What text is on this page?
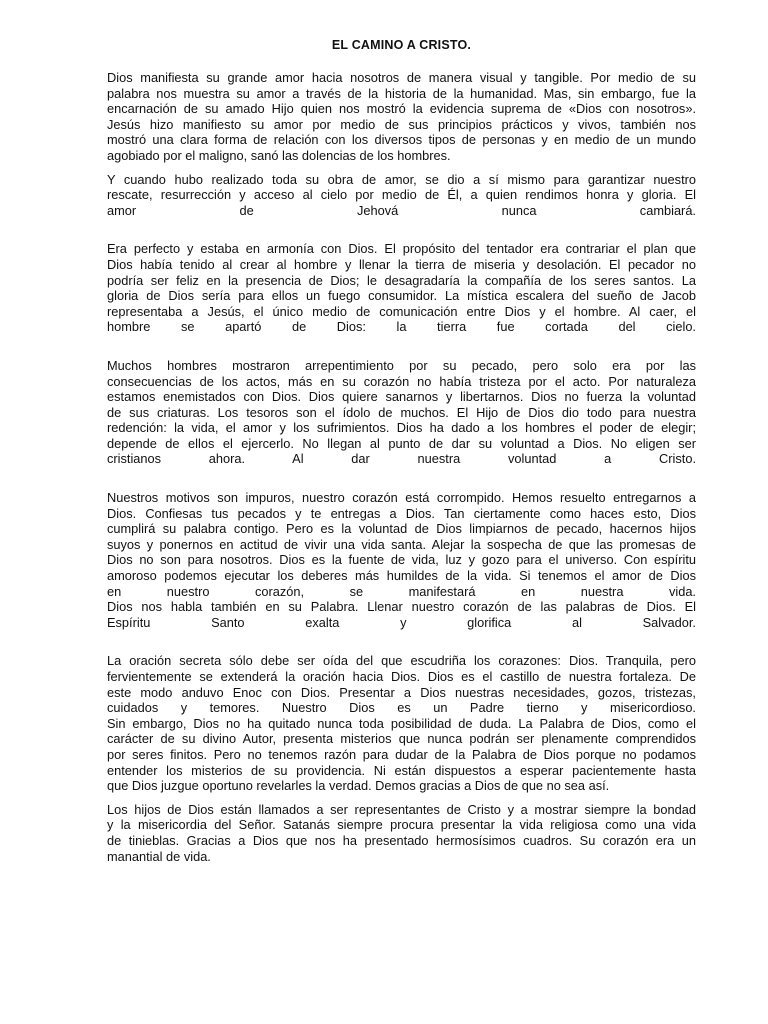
EL CAMINO A CRISTO.
Dios manifiesta su grande amor hacia nosotros de manera visual y tangible. Por medio de su
palabra nos muestra su amor a través de la historia de la humanidad. Mas, sin embargo, fue la
encarnación de su amado Hijo quien nos mostró la evidencia suprema de «Dios con nosotros».
Jesús hizo manifiesto su amor por medio de sus principios prácticos y vivos, también nos
mostró una clara forma de relación con los diversos tipos de personas y en medio de un mundo
agobiado por el maligno, sanó las dolencias de los hombres.
Y cuando hubo realizado toda su obra de amor, se dio a sí mismo para garantizar nuestro
rescate, resurrección y acceso al cielo por medio de Él, a quien rendimos honra y gloria. El
amor de Jehová nunca cambiará.
Era perfecto y estaba en armonía con Dios. El propósito del tentador era contrariar el plan que
Dios había tenido al crear al hombre y llenar la tierra de miseria y desolación. El pecador no
podría ser feliz en la presencia de Dios; le desagradaría la compañía de los seres santos. La
gloria de Dios sería para ellos un fuego consumidor. La mística escalera del sueño de Jacob
representaba a Jesús, el único medio de comunicación entre Dios y el hombre. Al caer, el
hombre se apartó de Dios: la tierra fue cortada del cielo.
Muchos hombres mostraron arrepentimiento por su pecado, pero solo era por las
consecuencias de los actos, más en su corazón no había tristeza por el acto. Por naturaleza
estamos enemistados con Dios. Dios quiere sanarnos y libertarnos. Dios no fuerza la voluntad
de sus criaturas. Los tesoros son el ídolo de muchos. El Hijo de Dios dio todo para nuestra
redención: la vida, el amor y los sufrimientos. Dios ha dado a los hombres el poder de elegir;
depende de ellos el ejercerlo. No llegan al punto de dar su voluntad a Dios. No eligen ser
cristianos ahora. Al dar nuestra voluntad a Cristo.
Nuestros motivos son impuros, nuestro corazón está corrompido. Hemos resuelto entregarnos a
Dios. Confiesas tus pecados y te entregas a Dios. Tan ciertamente como haces esto, Dios
cumplirá su palabra contigo. Pero es la voluntad de Dios limpiarnos de pecado, hacernos hijos
suyos y ponernos en actitud de vivir una vida santa. Alejar la sospecha de que las promesas de
Dios no son para nosotros. Dios es la fuente de vida, luz y gozo para el universo. Con espíritu
amoroso podemos ejecutar los deberes más humildes de la vida. Si tenemos el amor de Dios
en nuestro corazón, se manifestará en nuestra vida.
Dios nos habla también en su Palabra. Llenar nuestro corazón de las palabras de Dios. El
Espíritu Santo exalta y glorifica al Salvador.
La oración secreta sólo debe ser oída del que escudriña los corazones: Dios. Tranquila, pero
fervientemente se extenderá la oración hacia Dios. Dios es el castillo de nuestra fortaleza. De
este modo anduvo Enoc con Dios. Presentar a Dios nuestras necesidades, gozos, tristezas,
cuidados y temores. Nuestro Dios es un Padre tierno y misericordioso.
Sin embargo, Dios no ha quitado nunca toda posibilidad de duda. La Palabra de Dios, como el
carácter de su divino Autor, presenta misterios que nunca podrán ser plenamente comprendidos
por seres finitos. Pero no tenemos razón para dudar de la Palabra de Dios porque no podamos
entender los misterios de su providencia. Ni están dispuestos a esperar pacientemente hasta
que Dios juzgue oportuno revelarles la verdad. Demos gracias a Dios de que no sea así.
Los hijos de Dios están llamados a ser representantes de Cristo y a mostrar siempre la bondad
y la misericordia del Señor. Satanás siempre procura presentar la vida religiosa como una vida
de tinieblas. Gracias a Dios que nos ha presentado hermosísimos cuadros. Su corazón era un
manantial de vida.
